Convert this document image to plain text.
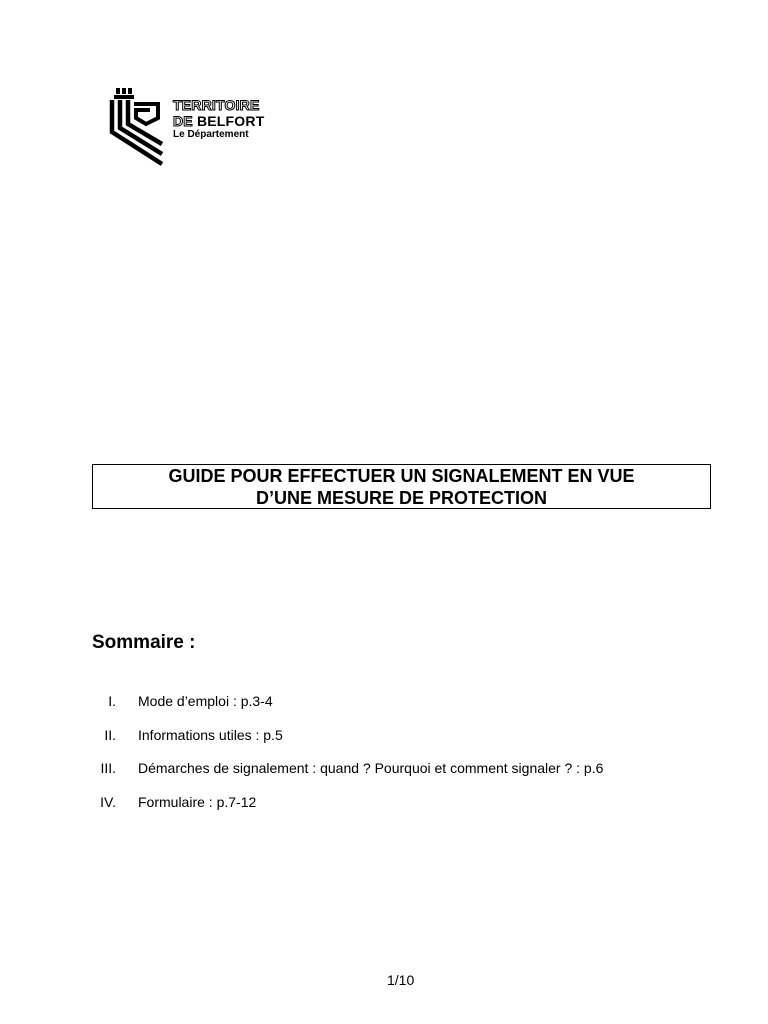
TERRITOIRE
DE BELFORT
Le Département
GUIDE POUR EFFECTUER UN SIGNALEMENT EN VUE
D’UNE MESURE DE PROTECTION
Sommaire :
I. Mode d’emploi : p.3-4
II. Informations utiles : p.5
III. Démarches de signalement : quand ? Pourquoi et comment signaler ? : p.6
IV. Formulaire : p.7-12
1/10
